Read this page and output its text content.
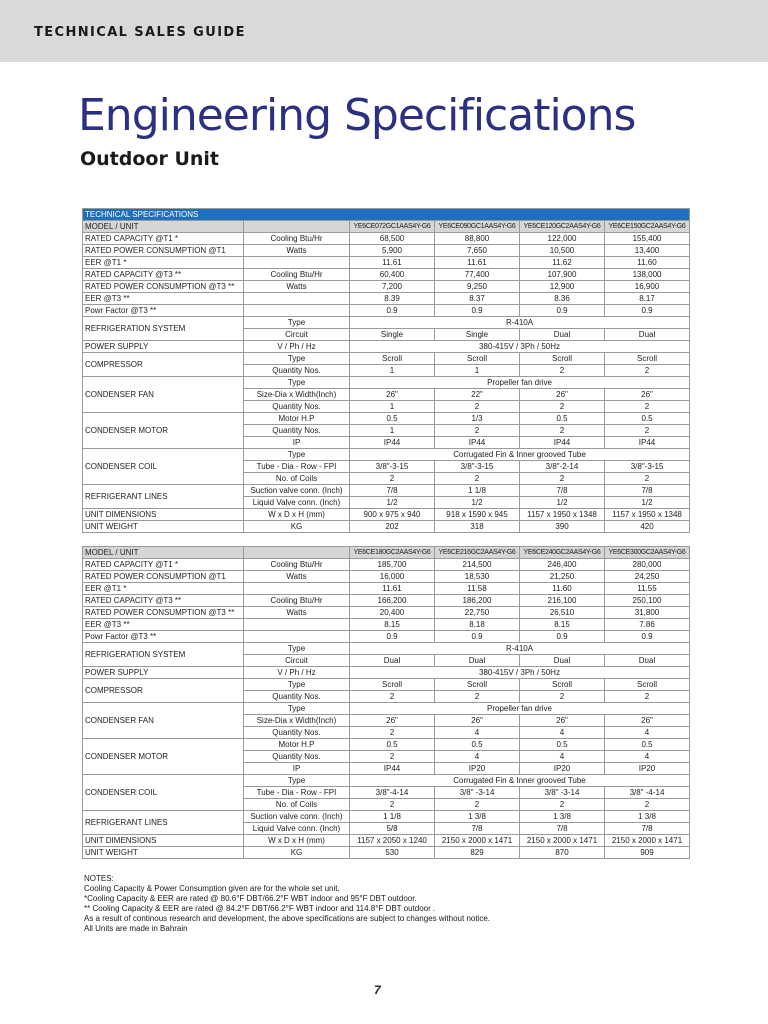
TECHNICAL SALES GUIDE
Engineering Specifications
Outdoor Unit
TECHNICAL SPECIFICATIONS					
MODEL / UNIT		YE6CE072GC1AAS4Y-G6	YE6CE090GC1AAS4Y-G6	YE6CE120GC2AAS4Y-G6	YE6CE150GC2AAS4Y-G6
RATED CAPACITY @T1 *	Cooling Btu/Hr	68,500	88,800	122,000	155,400
RATED POWER CONSUMPTION @T1	Watts	5,900	7,650	10,500	13,400
EER @T1 *		11.61	11.61	11.62	11.60
RATED CAPACITY @T3 **	Cooling Btu/Hr	60,400	77,400	107,900	138,000
RATED POWER CONSUMPTION @T3 **	Watts	7,200	9,250	12,900	16,900
EER @T3 **		8.39	8.37	8.36	8.17
Powr Factor @T3 **		0.9	0.9	0.9	0.9
REFRIGERATION SYSTEM	Type	R-410A			
	Circuit	Single	Single	Dual	Dual
POWER SUPPLY	V / Ph / Hz	380-415V / 3Ph / 50Hz			
COMPRESSOR	Type	Scroll	Scroll	Scroll	Scroll
	Quantity Nos.	1	1	2	2
CONDENSER FAN	Type	Propeller fan drive			
	Size-Dia x Width(Inch)	26"	22"	26"	26"
	Quantity Nos.	1	2	2	2
CONDENSER MOTOR	Motor H.P	0.5	1/3	0.5	0.5
	Quantity Nos.	1	2	2	2
	IP	IP44	IP44	IP44	IP44
CONDENSER COIL	Type	Corrugated Fin & Inner grooved Tube			
	Tube - Dia - Row - FPI	3/8"-3-15	3/8"-3-15	3/8"-2-14	3/8"-3-15
	No. of Coils	2	2	2	2
REFRIGERANT LINES	Suction valve conn. (Inch)	7/8	1 1/8	7/8	7/8
	Liquid Valve conn. (Inch)	1/2	1/2	1/2	1/2
UNIT DIMENSIONS	W x D x H (mm)	900 x 975 x 940	918 x 1590 x 945	1157 x 1950 x 1348	1157 x 1950 x 1348
UNIT WEIGHT	KG	202	318	390	420
MODEL / UNIT		YE6CE180GC2AAS4Y-G6	YE6CE216GC2AAS4Y-G6	YE6CE240GC2AAS4Y-G6	YE6CE300GC2AAS4Y-G6
RATED CAPACITY @T1 *	Cooling Btu/Hr	185,700	214,500	246,400	280,000
RATED POWER CONSUMPTION @T1	Watts	16,000	18,530	21,250	24,250
EER @T1 *		11.61	11.58	11.60	11.55
RATED CAPACITY @T3 **	Cooling Btu/Hr	166,200	186,200	216,100	250,100
RATED POWER CONSUMPTION @T3 **	Watts	20,400	22,750	26,510	31,800
EER @T3 **		8.15	8.18	8.15	7.86
Powr Factor @T3 **		0.9	0.9	0.9	0.9
REFRIGERATION SYSTEM	Type	R-410A			
	Circuit	Dual	Dual	Dual	Dual
POWER SUPPLY	V / Ph / Hz	380-415V / 3Ph / 50Hz			
COMPRESSOR	Type	Scroll	Scroll	Scroll	Scroll
	Quantity Nos.	2	2	2	2
CONDENSER FAN	Type	Propeller fan drive			
	Size-Dia x Width(Inch)	26"	26"	26"	26"
	Quantity Nos.	2	4	4	4
CONDENSER MOTOR	Motor H.P	0.5	0.5	0.5	0.5
	Quantity Nos.	2	4	4	4
	IP	IP44	IP20	IP20	IP20
CONDENSER COIL	Type	Corrugated Fin & Inner grooved Tube			
	Tube - Dia - Row - FPI	3/8"-4-14	3/8" -3-14	3/8" -3-14	3/8" -4-14
	No. of Coils	2	2	2	2
REFRIGERANT LINES	Suction valve conn. (Inch)	1 1/8	1 3/8	1 3/8	1 3/8
	Liquid Valve conn. (Inch)	5/8	7/8	7/8	7/8
UNIT DIMENSIONS	W x D x H (mm)	1157 x 2050 x 1240	2150 x 2000 x 1471	2150 x 2000 x 1471	2150 x 2000 x 1471
UNIT WEIGHT	KG	530	829	870	909
NOTES:
Cooling Capacity & Power Consumption given are for the whole set unit.
*Cooling Capacity & EER are rated @ 80.6°F DBT/66.2°F WBT indoor and 95°F DBT outdoor.
** Cooling Capacity & EER are rated @ 84.2°F DBT/66.2°F WBT indoor and 114.8°F DBT outdoor .
As a result of continous research and development, the above specifications are subject to changes without notice.
All Units are made in Bahrain
7
